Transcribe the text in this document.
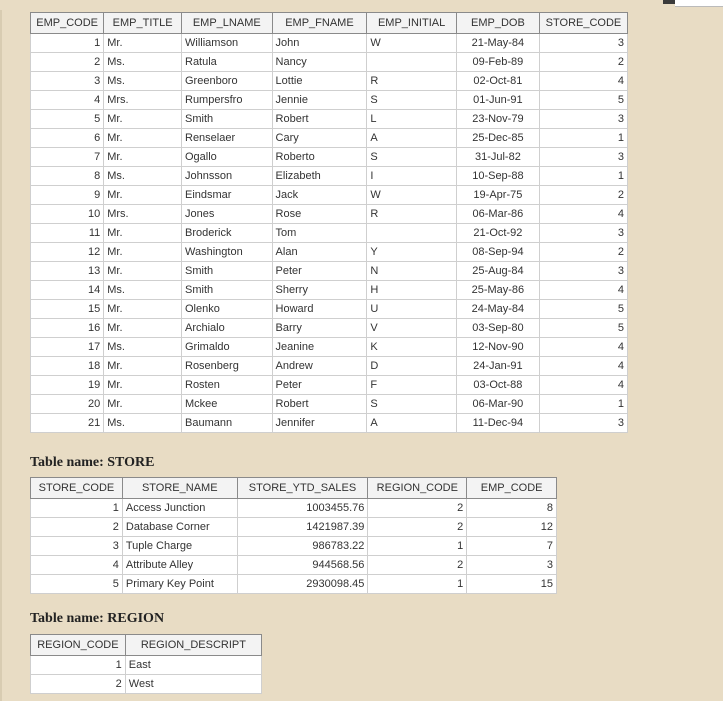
EMP_CODE	EMP_TITLE	EMP_LNAME	EMP_FNAME	EMP_INITIAL	EMP_DOB	STORE_CODE
1	Mr.	Williamson	John	W	21-May-84	3
2	Ms.	Ratula	Nancy		09-Feb-89	2
3	Ms.	Greenboro	Lottie	R	02-Oct-81	4
4	Mrs.	Rumpersfro	Jennie	S	01-Jun-91	5
5	Mr.	Smith	Robert	L	23-Nov-79	3
6	Mr.	Renselaer	Cary	A	25-Dec-85	1
7	Mr.	Ogallo	Roberto	S	31-Jul-82	3
8	Ms.	Johnsson	Elizabeth	I	10-Sep-88	1
9	Mr.	Eindsmar	Jack	W	19-Apr-75	2
10	Mrs.	Jones	Rose	R	06-Mar-86	4
11	Mr.	Broderick	Tom		21-Oct-92	3
12	Mr.	Washington	Alan	Y	08-Sep-94	2
13	Mr.	Smith	Peter	N	25-Aug-84	3
14	Ms.	Smith	Sherry	H	25-May-86	4
15	Mr.	Olenko	Howard	U	24-May-84	5
16	Mr.	Archialo	Barry	V	03-Sep-80	5
17	Ms.	Grimaldo	Jeanine	K	12-Nov-90	4
18	Mr.	Rosenberg	Andrew	D	24-Jan-91	4
19	Mr.	Rosten	Peter	F	03-Oct-88	4
20	Mr.	Mckee	Robert	S	06-Mar-90	1
21	Ms.	Baumann	Jennifer	A	11-Dec-94	3
Table name: STORE
STORE_CODE	STORE_NAME	STORE_YTD_SALES	REGION_CODE	EMP_CODE
1	Access Junction	1003455.76	2	8
2	Database Corner	1421987.39	2	12
3	Tuple Charge	986783.22	1	7
4	Attribute Alley	944568.56	2	3
5	Primary Key Point	2930098.45	1	15
Table name: REGION
REGION_CODE	REGION_DESCRIPT
1	East
2	West
